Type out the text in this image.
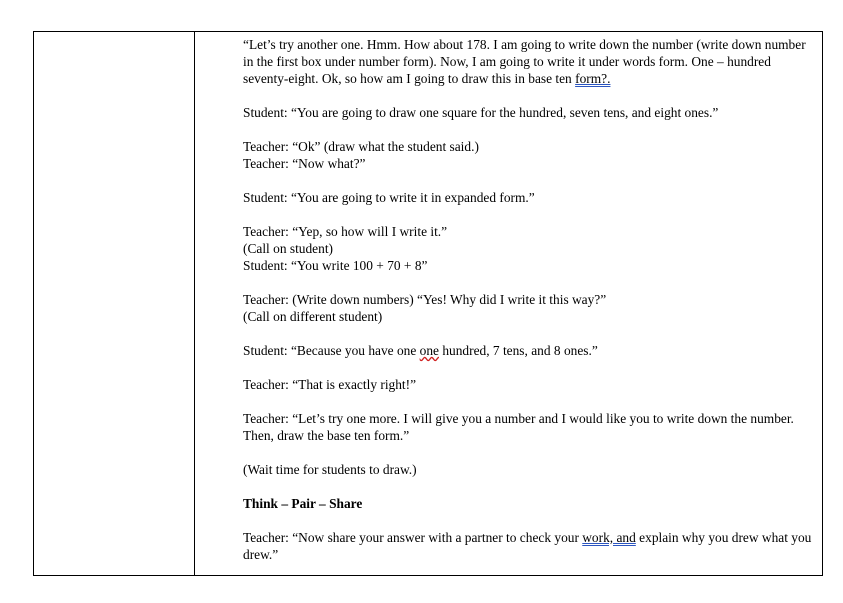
“Let’s try another one. Hmm. How about 178. I am going to write down the number (write down number in the first box under number form). Now, I am going to write it under words form. One – hundred seventy-eight. Ok, so how am I going to draw this in base ten form?.

Student: “You are going to draw one square for the hundred, seven tens, and eight ones.”

Teacher: “Ok” (draw what the student said.)
Teacher: “Now what?”

Student: “You are going to write it in expanded form.”

Teacher: “Yep, so how will I write it.”
(Call on student)
Student: “You write 100 + 70 + 8”

Teacher: (Write down numbers) “Yes! Why did I write it this way?”
(Call on different student)

Student: “Because you have one one hundred, 7 tens, and 8 ones.”

Teacher: “That is exactly right!”

Teacher: “Let’s try one more. I will give you a number and I would like you to write down the number. Then, draw the base ten form.”

(Wait time for students to draw.)

Think – Pair – Share

Teacher: “Now share your answer with a partner to check your work, and explain why you drew what you drew.”
